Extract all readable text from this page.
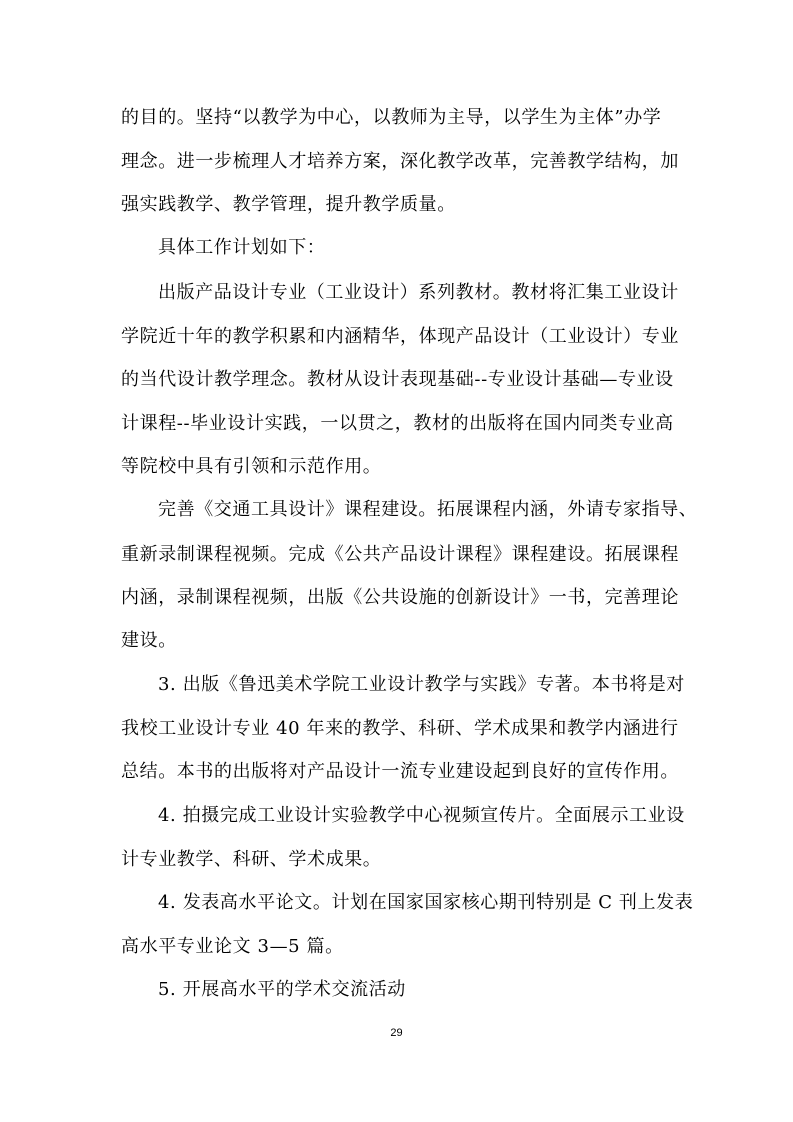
的目的。坚持“以教学为中心，以教师为主导，以学生为主体”办学
理念。进一步梳理人才培养方案，深化教学改革，完善教学结构，加
强实践教学、教学管理，提升教学质量。
具体工作计划如下：
出版产品设计专业（工业设计）系列教材。教材将汇集工业设计
学院近十年的教学积累和内涵精华，体现产品设计（工业设计）专业
的当代设计教学理念。教材从设计表现基础--专业设计基础—专业设
计课程--毕业设计实践，一以贯之，教材的出版将在国内同类专业高
等院校中具有引领和示范作用。
完善《交通工具设计》课程建设。拓展课程内涵，外请专家指导、
重新录制课程视频。完成《公共产品设计课程》课程建设。拓展课程
内涵，录制课程视频，出版《公共设施的创新设计》一书，完善理论
建设。
3. 出版《鲁迅美术学院工业设计教学与实践》专著。本书将是对
我校工业设计专业 40 年来的教学、科研、学术成果和教学内涵进行
总结。本书的出版将对产品设计一流专业建设起到良好的宣传作用。
4. 拍摄完成工业设计实验教学中心视频宣传片。全面展示工业设
计专业教学、科研、学术成果。
4. 发表高水平论文。计划在国家国家核心期刊特别是 C 刊上发表
高水平专业论文 3—5 篇。
5. 开展高水平的学术交流活动
29
